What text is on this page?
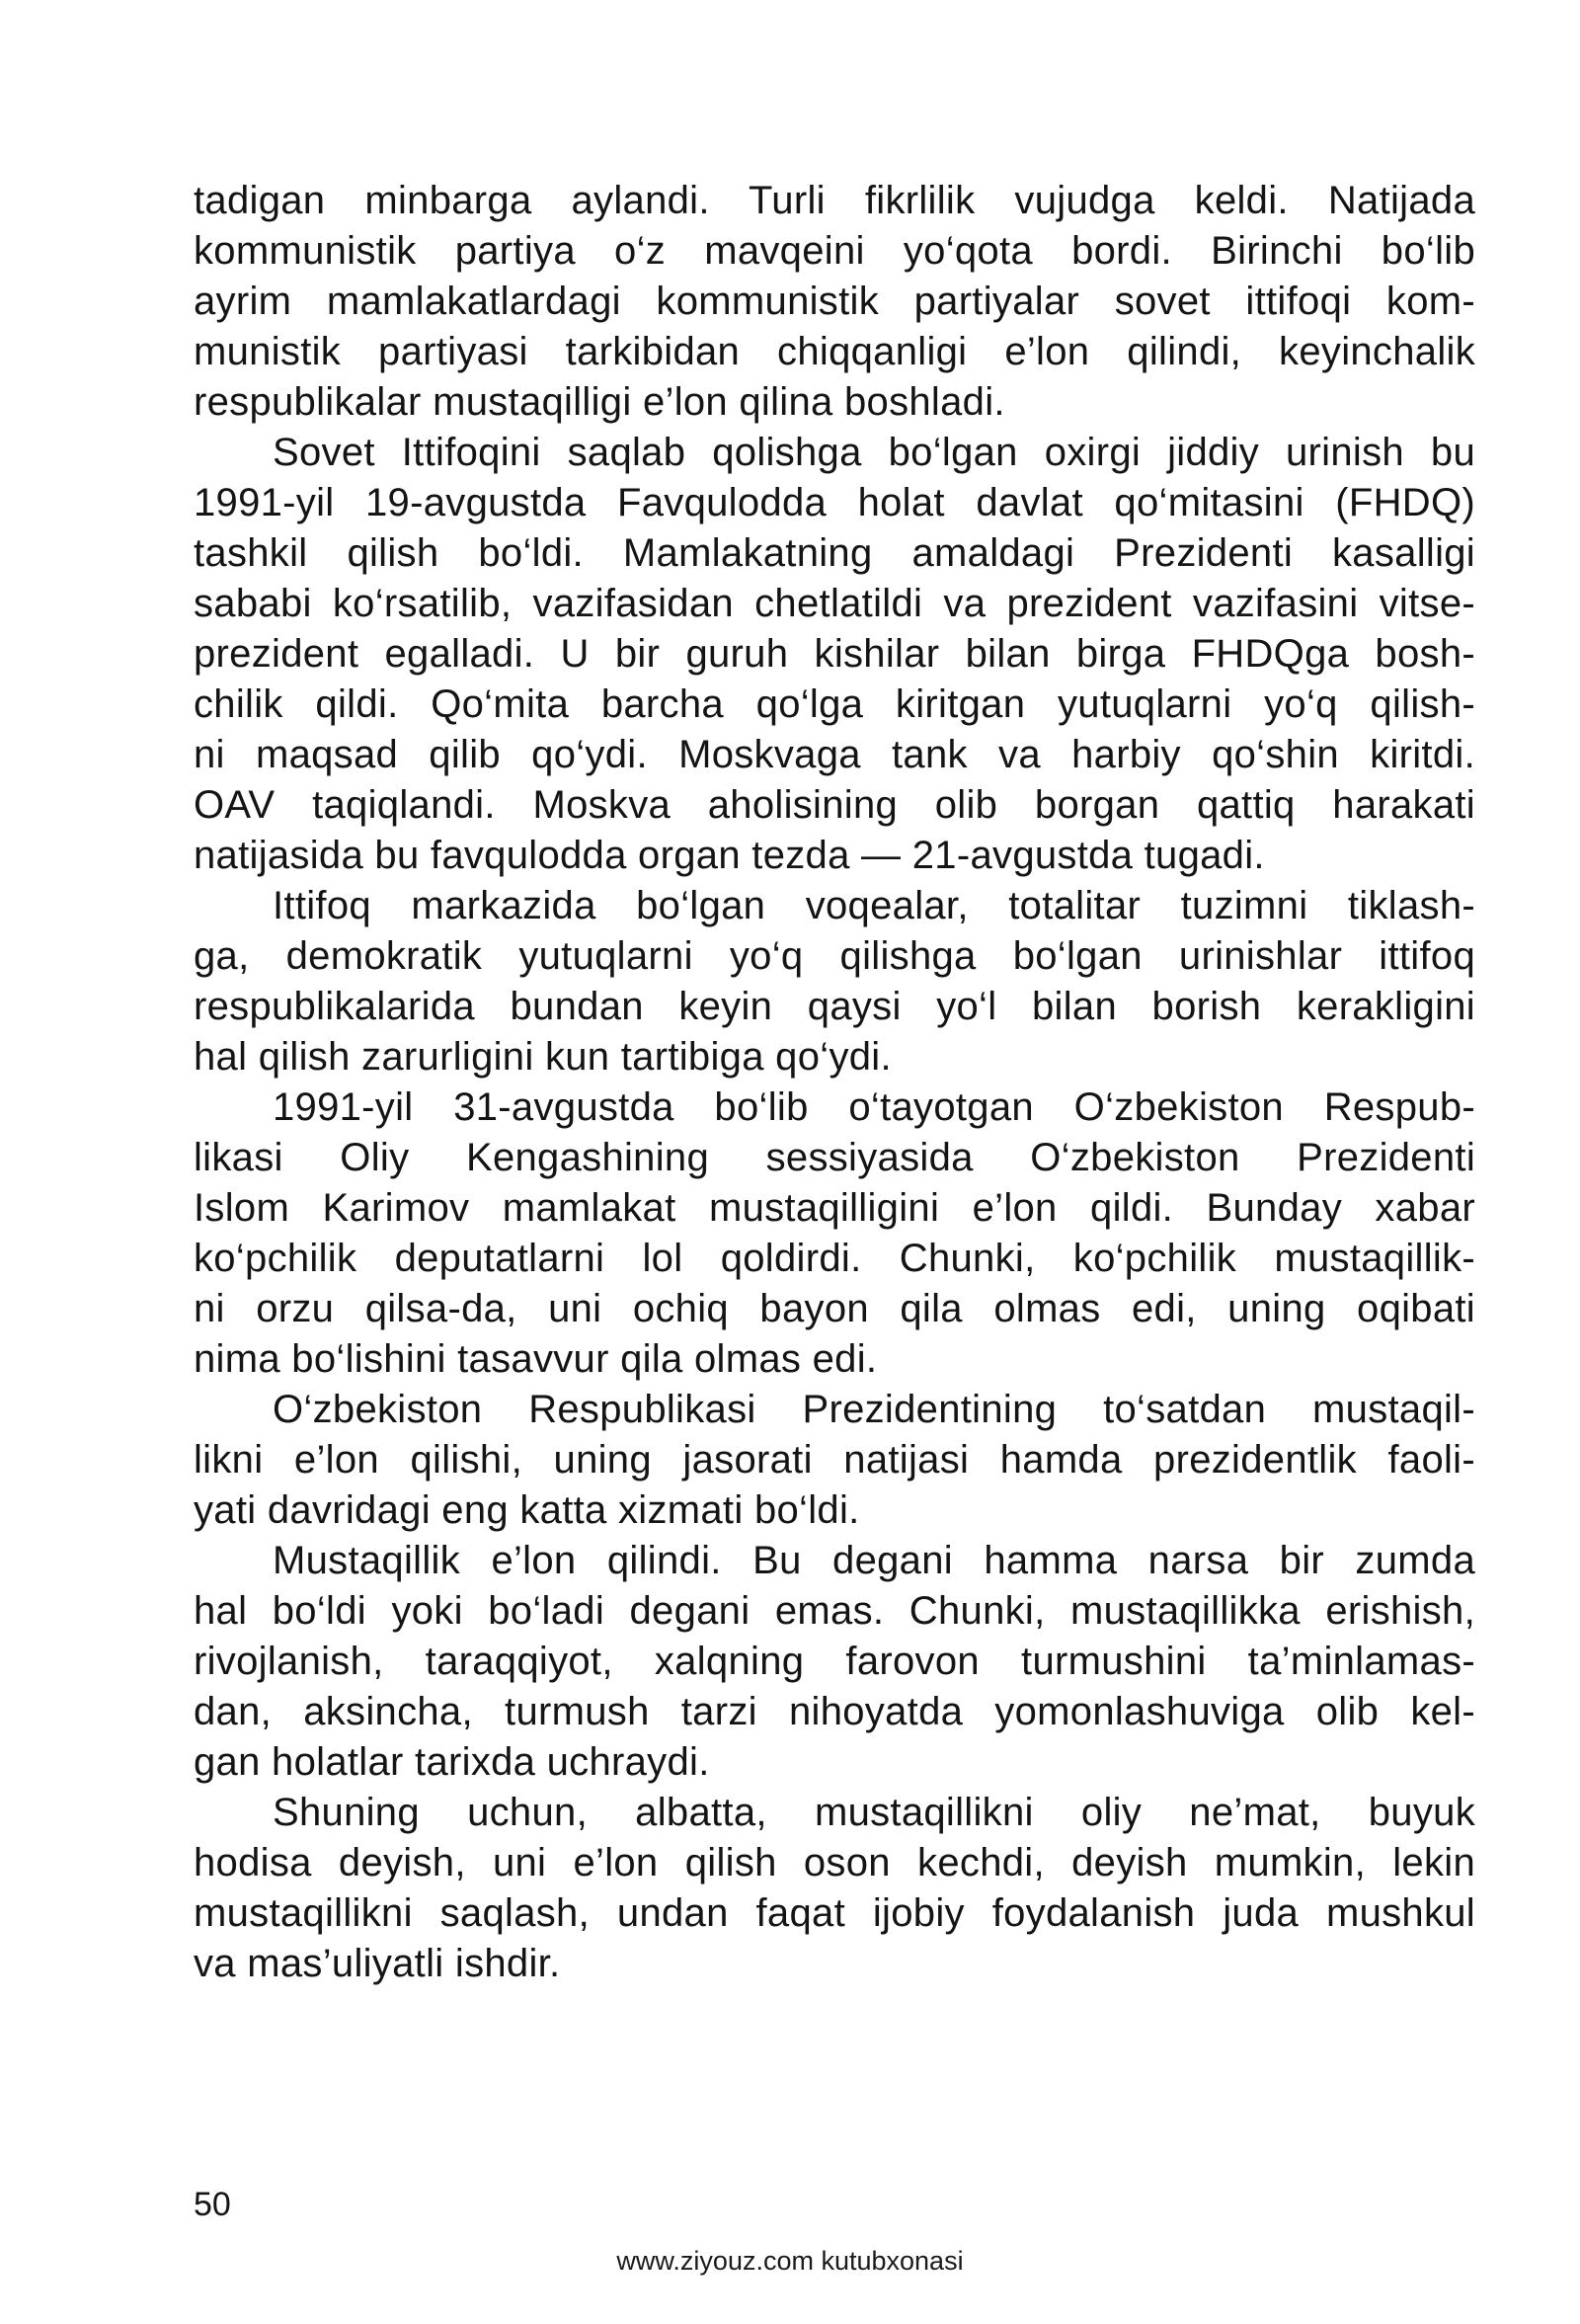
tadigan minbarga aylandi. Turli fikrlilik vujudga keldi. Natijada
kommunistik partiya o‘z mavqeini yo‘qota bordi. Birinchi bo‘lib
ayrim mamlakatlardagi kommunistik partiyalar sovet ittifoqi kom-
munistik partiyasi tarkibidan chiqqanligi e’lon qilindi, keyinchalik
respublikalar mustaqilligi e’lon qilina boshladi.
Sovet Ittifoqini saqlab qolishga bo‘lgan oxirgi jiddiy urinish bu
1991-yil 19-avgustda Favqulodda holat davlat qo‘mitasini (FHDQ)
tashkil qilish bo‘ldi. Mamlakatning amaldagi Prezidenti kasalligi
sababi ko‘rsatilib, vazifasidan chetlatildi va prezident vazifasini vitse-
prezident egalladi. U bir guruh kishilar bilan birga FHDQga bosh-
chilik qildi. Qo‘mita barcha qo‘lga kiritgan yutuqlarni yo‘q qilish-
ni maqsad qilib qo‘ydi. Moskvaga tank va harbiy qo‘shin kiritdi.
OAV taqiqlandi. Moskva aholisining olib borgan qattiq harakati
natijasida bu favqulodda organ tezda — 21-avgustda tugadi.
Ittifoq markazida bo‘lgan voqealar, totalitar tuzimni tiklash-
ga, demokratik yutuqlarni yo‘q qilishga bo‘lgan urinishlar ittifoq
respublikalarida bundan keyin qaysi yo‘l bilan borish kerakligini
hal qilish zarurligini kun tartibiga qo‘ydi.
1991-yil 31-avgustda bo‘lib o‘tayotgan O‘zbekiston Respub-
likasi Oliy Kengashining sessiyasida O‘zbekiston Prezidenti
Islom Karimov mamlakat mustaqilligini e’lon qildi. Bunday xabar
ko‘pchilik deputatlarni lol qoldirdi. Chunki, ko‘pchilik mustaqillik-
ni orzu qilsa-da, uni ochiq bayon qila olmas edi, uning oqibati
nima bo‘lishini tasavvur qila olmas edi.
O‘zbekiston Respublikasi Prezidentining to‘satdan mustaqil-
likni e’lon qilishi, uning jasorati natijasi hamda prezidentlik faoli-
yati davridagi eng katta xizmati bo‘ldi.
Mustaqillik e’lon qilindi. Bu degani hamma narsa bir zumda
hal bo‘ldi yoki bo‘ladi degani emas. Chunki, mustaqillikka erishish,
rivojlanish, taraqqiyot, xalqning farovon turmushini ta’minlamas-
dan, aksincha, turmush tarzi nihoyatda yomonlashuviga olib kel-
gan holatlar tarixda uchraydi.
Shuning uchun, albatta, mustaqillikni oliy ne’mat, buyuk
hodisa deyish, uni e’lon qilish oson kechdi, deyish mumkin, lekin
mustaqillikni saqlash, undan faqat ijobiy foydalanish juda mushkul
va mas’uliyatli ishdir.
50
www.ziyouz.com kutubxonasi
